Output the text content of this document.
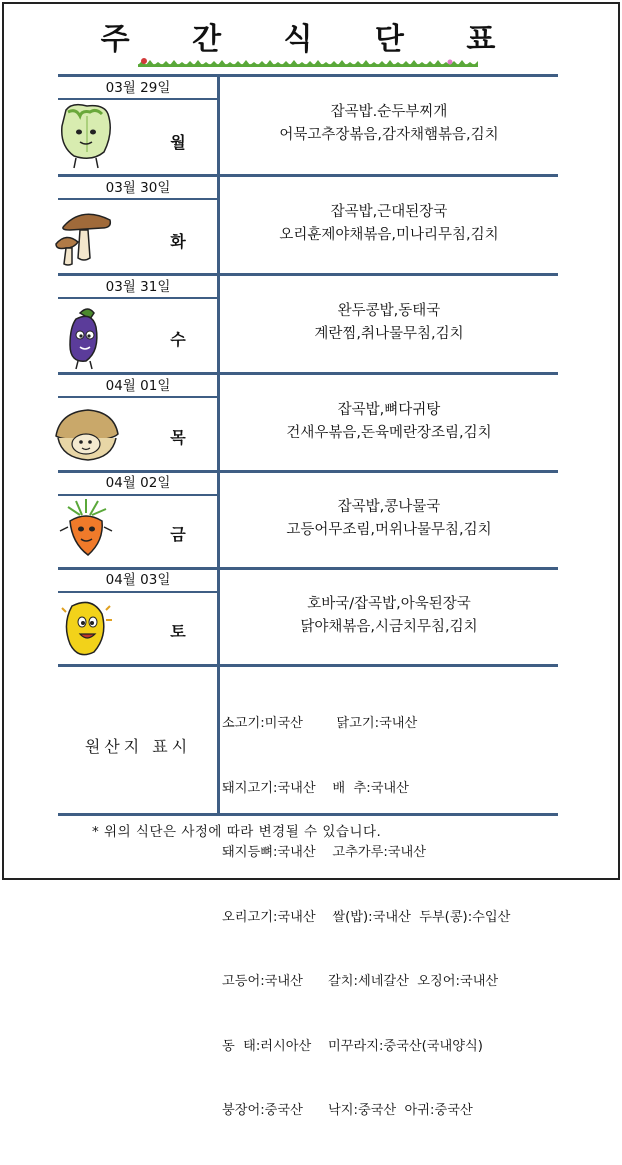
주 간 식 단 표
03월 29일
월
잡곡밥.순두부찌개
어묵고추장볶음,감자채햄볶음,김치
03월 30일
화
잡곡밥,근대된장국
오리훈제야채볶음,미나리무침,김치
03월 31일
수
완두콩밥,동태국
계란찜,취나물무침,김치
04월 01일
목
잡곡밥,뼈다귀탕
건새우볶음,돈육메란장조림,김치
04월 02일
금
잡곡밥,콩나물국
고등어무조림,머위나물무침,김치
04월 03일
토
호바국/잡곡밥,아욱된장국
닭야채볶음,시금치무침,김치
원산지 표시

소고기:미국산        닭고기:국내산

돼지고기:국내산    배  추:국내산

돼지등뼈:국내산    고추가루:국내산

오리고기:국내산    쌀(밥):국내산  두부(콩):수입산

고등어:국내산      갈치:세네갈산  오징어:국내산

동  태:러시아산    미꾸라지:중국산(국내양식)

붕장어:중국산      낙지:중국산  아귀:중국산

* 위의 식단은 사정에 따라 변경될 수 있습니다.
